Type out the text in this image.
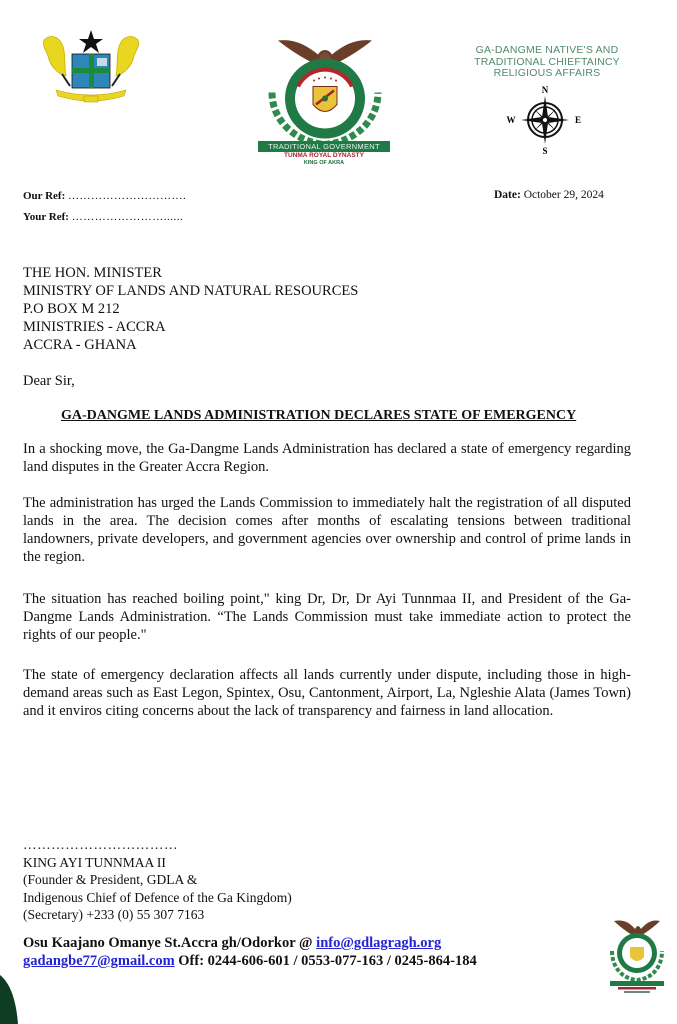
TRADITIONAL GOVERNMENT
TUNMA ROYAL DYNASTY
KING OF AKRA
GA-DANGME NATIVE'S AND
TRADITIONAL CHIEFTAINCY
RELIGIOUS AFFAIRS
N
S
W	E
Our Ref: ………………………….
Your Ref: ……………………......
Date: October 29, 2024
THE HON. MINISTER
MINISTRY OF LANDS AND NATURAL RESOURCES
P.O BOX M 212
MINISTRIES - ACCRA
ACCRA - GHANA
Dear Sir,
GA-DANGME LANDS ADMINISTRATION DECLARES STATE OF EMERGENCY
In a shocking move, the Ga-Dangme Lands Administration has declared a state of emergency regarding land disputes in the Greater Accra Region.
The administration has urged the Lands Commission to immediately halt the registration of all disputed lands in the area. The decision comes after months of escalating tensions between traditional landowners, private developers, and government agencies over ownership and control of prime lands in the region.
The situation has reached boiling point," king Dr, Dr, Dr Ayi Tunnmaa II, and President of the Ga-Dangme Lands Administration. “The Lands Commission must take immediate action to protect the rights of our people."
The state of emergency declaration affects all lands currently under dispute, including those in high-demand areas such as East Legon, Spintex, Osu, Cantonment, Airport, La, Ngleshie Alata (James Town) and it enviros citing concerns about the lack of transparency and fairness in land allocation.
……………………………
KING AYI TUNNMAA II
(Founder & President, GDLA &
Indigenous Chief of Defence of the Ga Kingdom)
(Secretary) +233 (0) 55 307 7163
Osu Kaajano Omanye St.Accra gh/Odorkor @ info@gdlagragh.org
gadangbe77@gmail.com Off: 0244-606-601 / 0553-077-163 / 0245-864-184
